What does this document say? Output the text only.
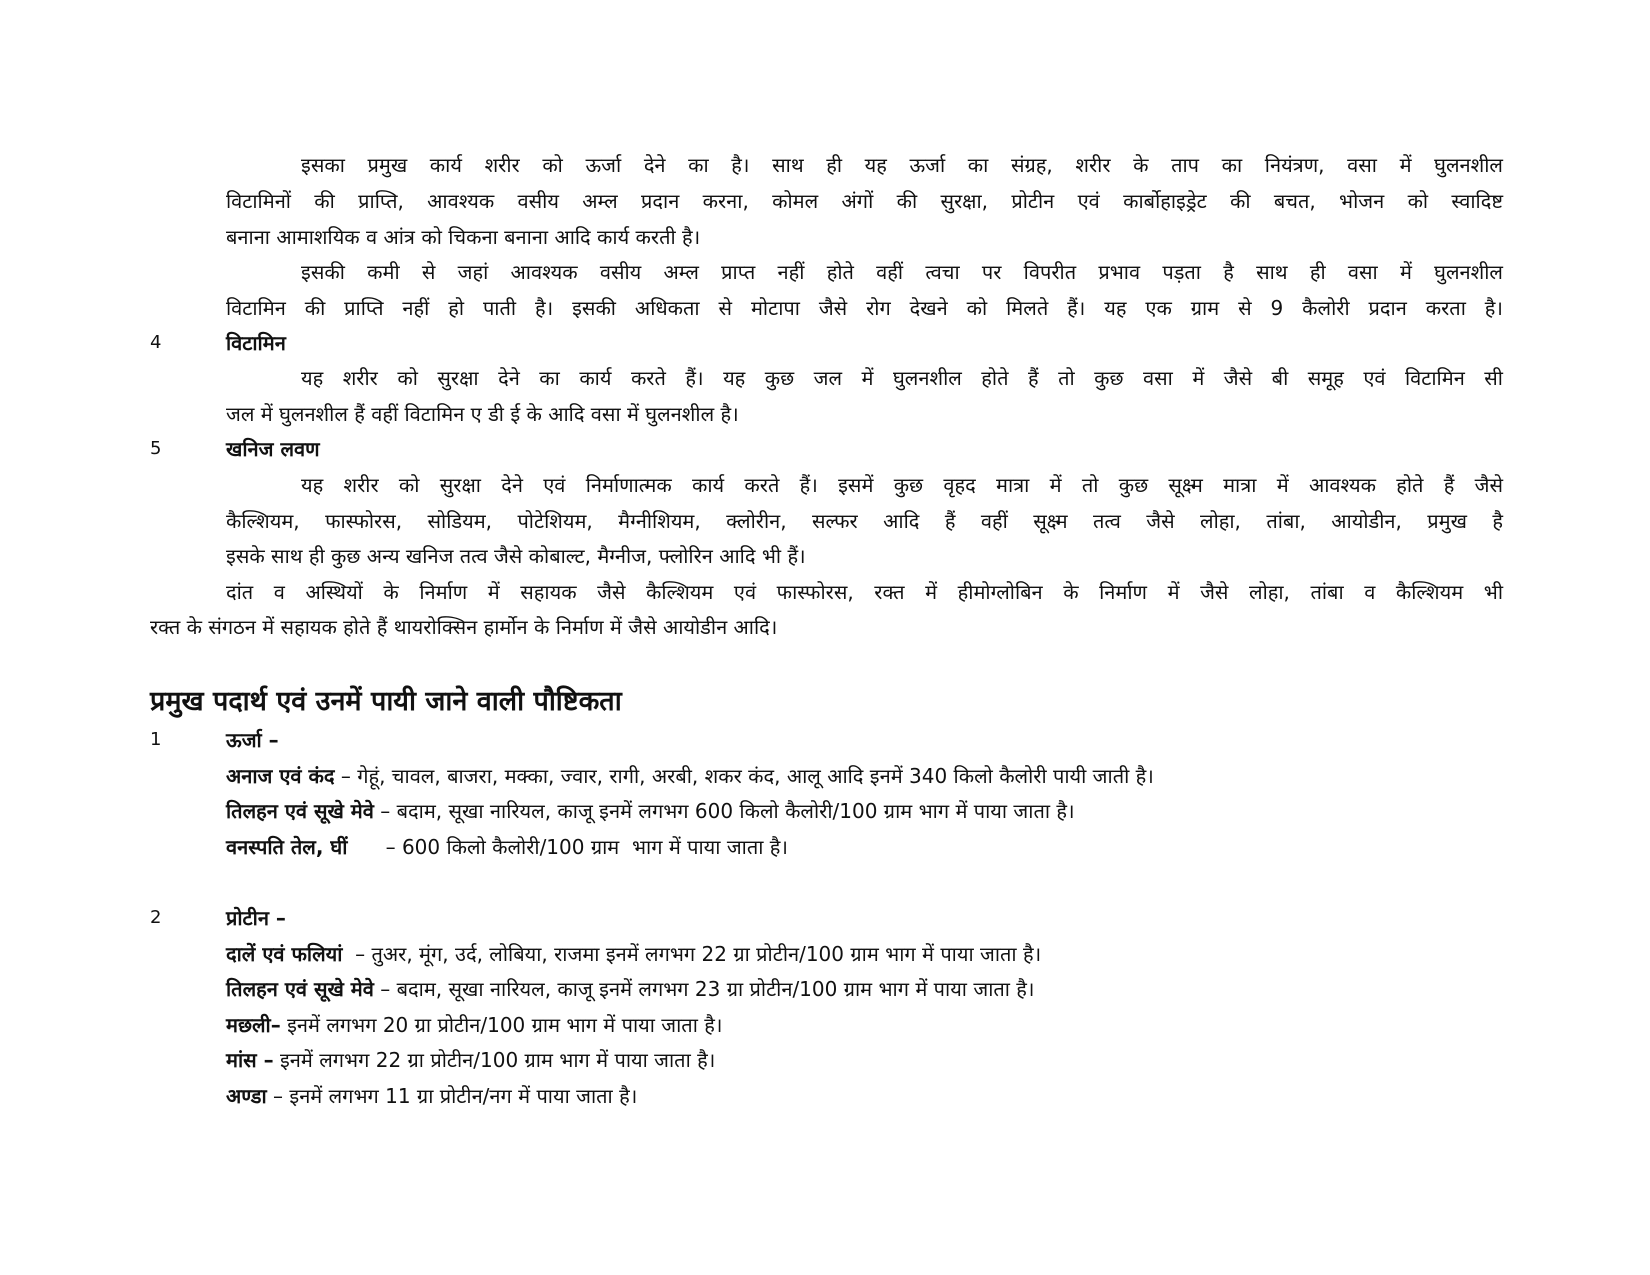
इसका प्रमुख कार्य शरीर को ऊर्जा देने का है। साथ ही यह ऊर्जा का संग्रह, शरीर के ताप का नियंत्रण, वसा में घुलनशील
विटामिनों की प्राप्ति, आवश्यक वसीय अम्ल प्रदान करना, कोमल अंगों की सुरक्षा, प्रोटीन एवं कार्बोहाइड्रेट की बचत, भोजन को स्वादिष्ट
बनाना आमाशयिक व आंत्र को चिकना बनाना आदि कार्य करती है।
इसकी कमी से जहां आवश्यक वसीय अम्ल प्राप्त नहीं होते वहीं त्वचा पर विपरीत प्रभाव पड़ता है साथ ही वसा में घुलनशील
विटामिन की प्राप्ति नहीं हो पाती है। इसकी अधिकता से मोटापा जैसे रोग देखने को मिलते हैं। यह एक ग्राम से 9 कैलोरी प्रदान करता है।
4	विटामिन
यह शरीर को सुरक्षा देने का कार्य करते हैं। यह कुछ जल में घुलनशील होते हैं तो कुछ वसा में जैसे बी समूह एवं विटामिन सी
जल में घुलनशील हैं वहीं विटामिन ए डी ई के आदि वसा में घुलनशील है।
5	खनिज लवण
यह शरीर को सुरक्षा देने एवं निर्माणात्मक कार्य करते हैं। इसमें कुछ वृहद मात्रा में तो कुछ सूक्ष्म मात्रा में आवश्यक होते हैं जैसे
कैल्शियम, फास्फोरस, सोडियम, पोटेशियम, मैग्नीशियम, क्लोरीन, सल्फर आदि हैं वहीं सूक्ष्म तत्व जैसे लोहा, तांबा, आयोडीन, प्रमुख है
इसके साथ ही कुछ अन्य खनिज तत्व जैसे कोबाल्ट, मैग्नीज, फ्लोरिन आदि भी हैं।
दांत व अस्थियों के निर्माण में सहायक जैसे कैल्शियम एवं फास्फोरस, रक्त में हीमोग्लोबिन के निर्माण में जैसे लोहा, तांबा व कैल्शियम भी
रक्त के संगठन में सहायक होते हैं थायरोक्सिन हार्मोन के निर्माण में जैसे आयोडीन आदि।
प्रमुख पदार्थ एवं उनमें पायी जाने वाली पौष्टिकता
1	ऊर्जा –
अनाज एवं कंद – गेहूं, चावल, बाजरा, मक्का, ज्वार, रागी, अरबी, शकर कंद, आलू आदि इनमें 340 किलो कैलोरी पायी जाती है।
तिलहन एवं सूखे मेवे – बदाम, सूखा नारियल, काजू इनमें लगभग 600 किलो कैलोरी/100 ग्राम भाग में पाया जाता है।
वनस्पति तेल, घीं      – 600 किलो कैलोरी/100 ग्राम  भाग में पाया जाता है।
2	प्रोटीन –
दालें एवं फलियां  – तुअर, मूंग, उर्द, लोबिया, राजमा इनमें लगभग 22 ग्रा प्रोटीन/100 ग्राम भाग में पाया जाता है।
तिलहन एवं सूखे मेवे – बदाम, सूखा नारियल, काजू इनमें लगभग 23 ग्रा प्रोटीन/100 ग्राम भाग में पाया जाता है।
मछली– इनमें लगभग 20 ग्रा प्रोटीन/100 ग्राम भाग में पाया जाता है।
मांस – इनमें लगभग 22 ग्रा प्रोटीन/100 ग्राम भाग में पाया जाता है।
अण्डा – इनमें लगभग 11 ग्रा प्रोटीन/नग में पाया जाता है।
